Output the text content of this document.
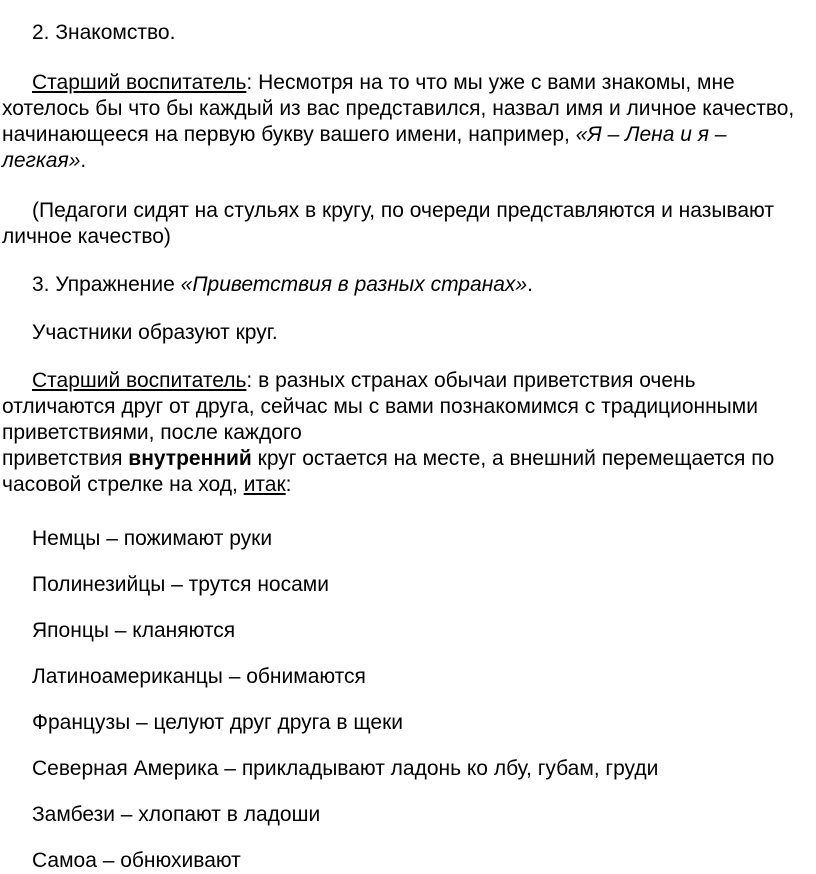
2. Знакомство.

Старший воспитатель: Несмотря на то что мы уже с вами знакомы, мне хотелось бы что бы каждый из вас представился, назвал имя и личное качество, начинающееся на первую букву вашего имени, например, «Я – Лена и я – легкая».

(Педагоги сидят на стульях в кругу, по очереди представляются и называют личное качество)

3. Упражнение «Приветствия в разных странах».

Участники образуют круг.

Старший воспитатель: в разных странах обычаи приветствия очень отличаются друг от друга, сейчас мы с вами познакомимся с традиционными приветствиями, после каждого
приветствия внутренний круг остается на месте, а внешний перемещается по часовой стрелке на ход, итак:

Немцы – пожимают руки

Полинезийцы – трутся носами

Японцы – кланяются

Латиноамериканцы – обнимаются

Французы – целуют друг друга в щеки

Северная Америка – прикладывают ладонь ко лбу, губам, груди

Замбези – хлопают в ладоши

Самоа – обнюхивают
